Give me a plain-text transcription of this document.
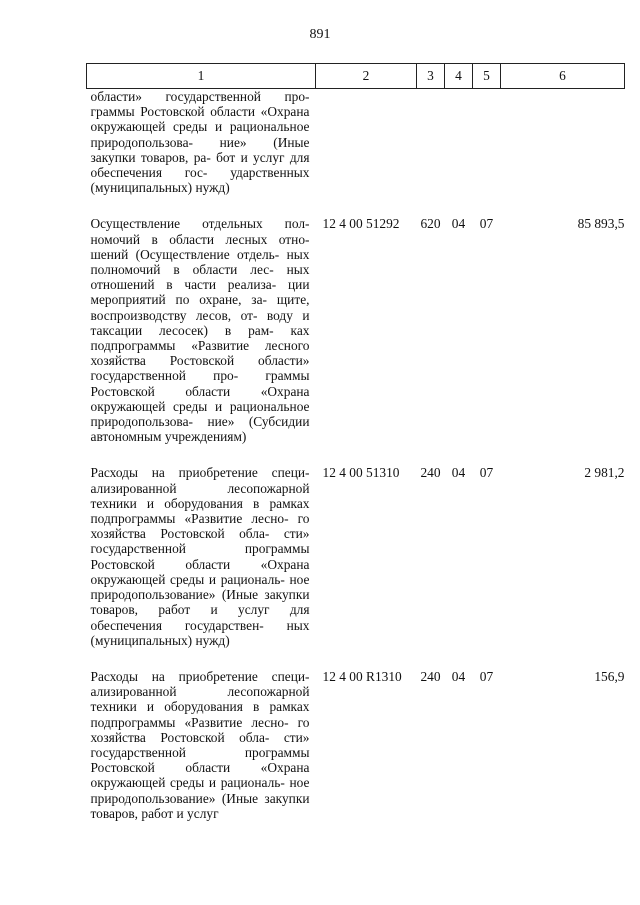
891
1	2	3	4	5	6
области» государственной про- граммы Ростовской области «Охрана окружающей среды и рациональное природопользова- ние» (Иные закупки товаров, ра- бот и услуг для обеспечения гос- ударственных (муниципальных) нужд)					

Осуществление отдельных пол- номочий в области лесных отно- шений (Осуществление отдель- ных полномочий в области лес- ных отношений в части реализа- ции мероприятий по охране, за- щите, воспроизводству лесов, от- воду и таксации лесосек) в рам- ках подпрограммы «Развитие лесного хозяйства Ростовской области» государственной про- граммы Ростовской области «Охрана окружающей среды и рациональное природопользова- ние» (Субсидии автономным учреждениям)	12 4 00 51292	620	04	07	85 893,5

Расходы на приобретение специ- ализированной лесопожарной техники и оборудования в рамках подпрограммы «Развитие лесно- го хозяйства Ростовской обла- сти» государственной программы Ростовской области «Охрана окружающей среды и рациональ- ное природопользование» (Иные закупки товаров, работ и услуг для обеспечения государствен- ных (муниципальных) нужд)	12 4 00 51310	240	04	07	2 981,2

Расходы на приобретение специ- ализированной лесопожарной техники и оборудования в рамках подпрограммы «Развитие лесно- го хозяйства Ростовской обла- сти» государственной программы Ростовской области «Охрана окружающей среды и рациональ- ное природопользование» (Иные закупки товаров, работ и услуг	12 4 00 R1310	240	04	07	156,9
